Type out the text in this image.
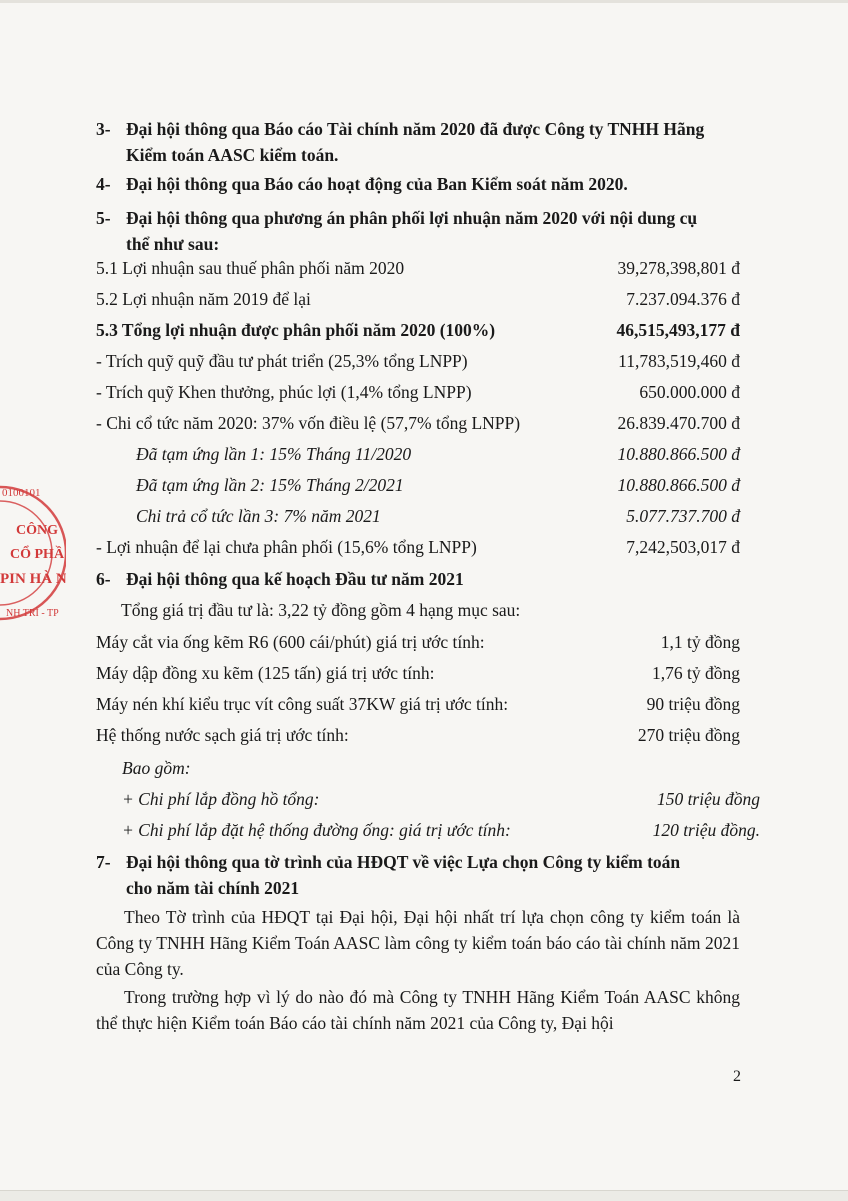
0100101
CÔNG
CỔ PHẦ
PIN HÀ N
NH TRÌ - TP

3- Đại hội thông qua Báo cáo Tài chính năm 2020 đã được Công ty TNHH Hãng
Kiểm toán AASC kiểm toán.

4- Đại hội thông qua Báo cáo hoạt động của Ban Kiểm soát năm 2020.

5- Đại hội thông qua phương án phân phối lợi nhuận năm 2020 với nội dung cụ
thể như sau:

5.1 Lợi nhuận sau thuế phân phối năm 2020	39,278,398,801 đ
5.2 Lợi nhuận năm 2019 để lại	7.237.094.376 đ
5.3 Tổng lợi nhuận được phân phối năm 2020 (100%)	46,515,493,177 đ
- Trích quỹ quỹ đầu tư phát triển (25,3% tổng LNPP)	11,783,519,460 đ
- Trích quỹ Khen thưởng, phúc lợi (1,4% tổng LNPP)	650.000.000 đ
- Chi cổ tức năm 2020: 37% vốn điều lệ (57,7% tổng LNPP)	26.839.470.700 đ
Đã tạm ứng lần 1: 15% Tháng 11/2020	10.880.866.500 đ
Đã tạm ứng lần 2: 15% Tháng 2/2021	10.880.866.500 đ
Chi trả cổ tức lần 3: 7% năm 2021	5.077.737.700 đ
- Lợi nhuận để lại chưa phân phối (15,6% tổng LNPP)	7,242,503,017 đ

6- Đại hội thông qua kế hoạch Đầu tư năm 2021

Tổng giá trị đầu tư là: 3,22 tỷ đồng gồm 4 hạng mục sau:
Máy cắt via ống kẽm R6 (600 cái/phút) giá trị ước tính:	1,1 tỷ đồng
Máy dập đồng xu kẽm (125 tấn) giá trị ước tính:	1,76 tỷ đồng
Máy nén khí kiểu trục vít công suất 37KW giá trị ước tính:	90 triệu đồng
Hệ thống nước sạch giá trị ước tính:	270 triệu đồng
Bao gồm:
+ Chi phí lắp đồng hồ tổng:	150 triệu đồng
+ Chi phí lắp đặt hệ thống đường ống: giá trị ước tính:	120 triệu đồng.

7- Đại hội thông qua tờ trình của HĐQT về việc Lựa chọn Công ty kiểm toán
cho năm tài chính 2021

Theo Tờ trình của HĐQT tại Đại hội, Đại hội nhất trí lựa chọn công ty kiểm toán là Công ty TNHH Hãng Kiểm Toán AASC làm công ty kiểm toán báo cáo tài chính năm 2021 của Công ty.

Trong trường hợp vì lý do nào đó mà Công ty TNHH Hãng Kiểm Toán AASC không thể thực hiện Kiểm toán Báo cáo tài chính năm 2021 của Công ty, Đại hội

2
